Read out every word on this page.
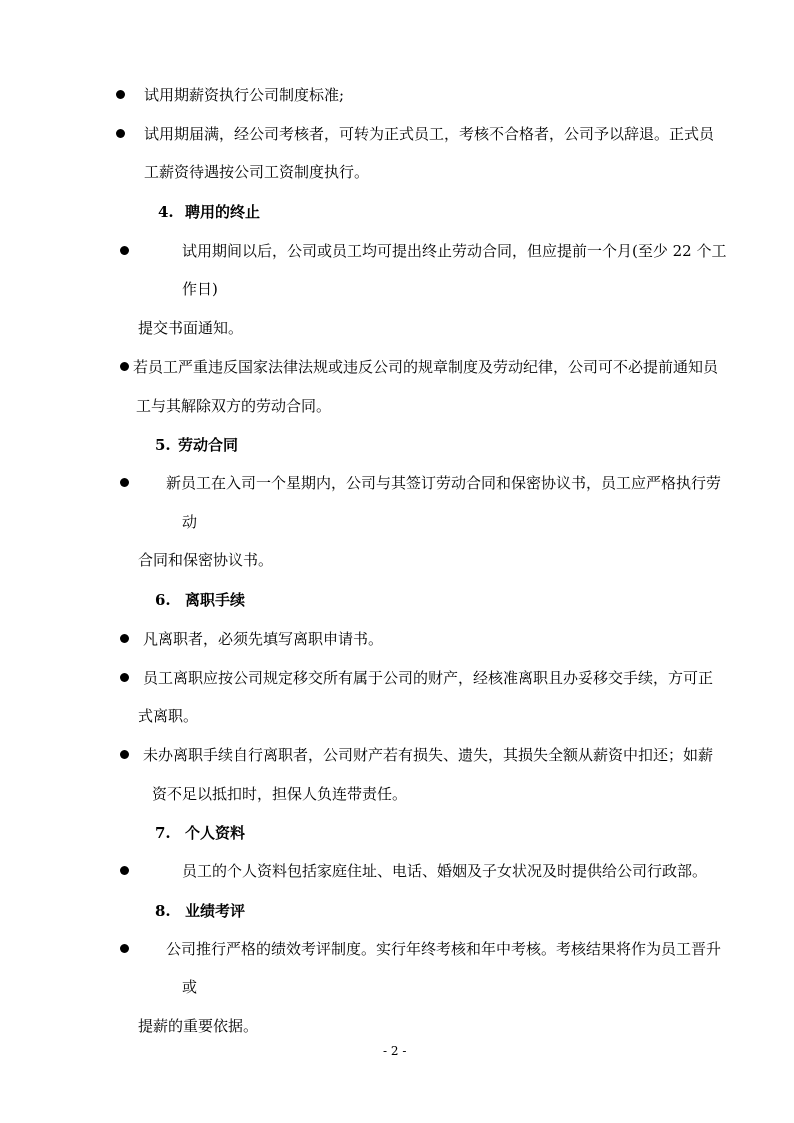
试用期薪资执行公司制度标准;
试用期届满，经公司考核者，可转为正式员工，考核不合格者，公司予以辞退。正式员
工薪资待遇按公司工资制度执行。
4. 聘用的终止
试用期间以后，公司或员工均可提出终止劳动合同，但应提前一个月(至少 22 个工
作日)
提交书面通知。
若员工严重违反国家法律法规或违反公司的规章制度及劳动纪律，公司可不必提前通知员
工与其解除双方的劳动合同。
5. 劳动合同
新员工在入司一个星期内，公司与其签订劳动合同和保密协议书，员工应严格执行劳
动
合同和保密协议书。
6. 离职手续
凡离职者，必须先填写离职申请书。
员工离职应按公司规定移交所有属于公司的财产，经核准离职且办妥移交手续，方可正
式离职。
未办离职手续自行离职者，公司财产若有损失、遗失，其损失全额从薪资中扣还；如薪
资不足以抵扣时，担保人负连带责任。
7. 个人资料
员工的个人资料包括家庭住址、电话、婚姻及子女状况及时提供给公司行政部。
8. 业绩考评
公司推行严格的绩效考评制度。实行年终考核和年中考核。考核结果将作为员工晋升
或
提薪的重要依据。
- 2 -
